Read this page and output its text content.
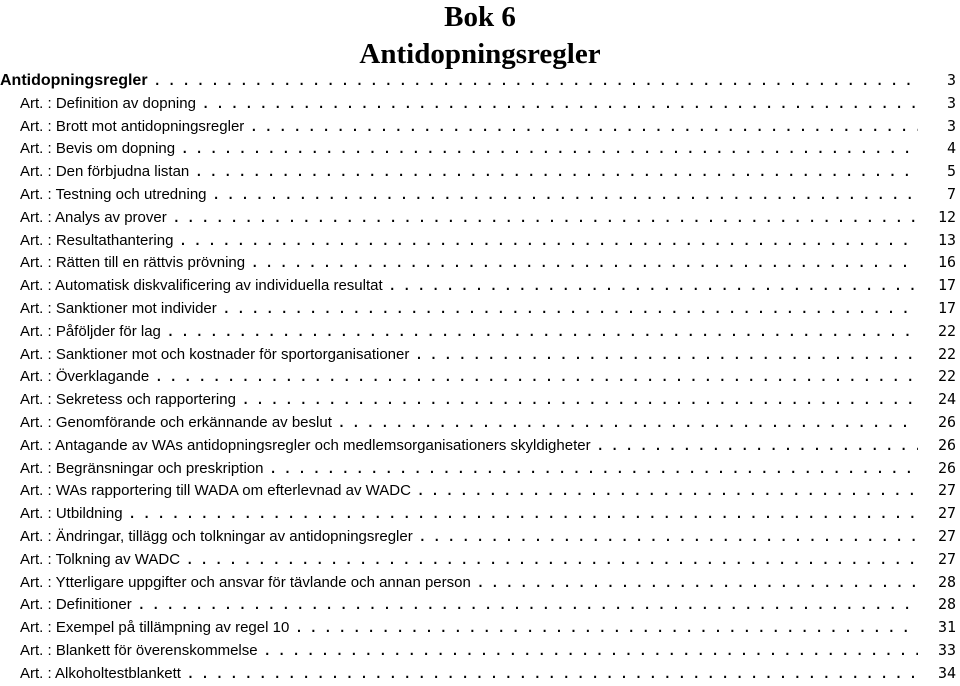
Bok 6
Antidopningsregler
Antidopningsregler . . .	3
Art. : Definition av dopning . . .	3
Art. : Brott mot antidopningsregler . . .	3
Art. : Bevis om dopning . . .	4
Art. : Den förbjudna listan . . .	5
Art. : Testning och utredning . . .	7
Art. : Analys av prover . . .	12
Art. : Resultathantering . . .	13
Art. : Rätten till en rättvis prövning . . .	16
Art. : Automatisk diskvalificering av individuella resultat . . .	17
Art. : Sanktioner mot individer . . .	17
Art. : Påföljder för lag . . .	22
Art. : Sanktioner mot och kostnader för sportorganisationer . . .	22
Art. : Överklagande . . .	22
Art. : Sekretess och rapportering . . .	24
Art. : Genomförande och erkännande av beslut . . .	26
Art. : Antagande av WAs antidopningsregler och medlemsorganisationers skyldigheter . . .	26
Art. : Begränsningar och preskription . . .	26
Art. : WAs rapportering till WADA om efterlevnad av WADC . . .	27
Art. : Utbildning . . .	27
Art. : Ändringar, tillägg och tolkningar av antidopningsregler . . .	27
Art. : Tolkning av WADC . . .	27
Art. : Ytterligare uppgifter och ansvar för tävlande och annan person . . .	28
Art. : Definitioner . . .	28
Art. : Exempel på tillämpning av regel 10 . . .	31
Art. : Blankett för överenskommelse . . .	33
Art. : Alkoholtestblankett . . .	34
